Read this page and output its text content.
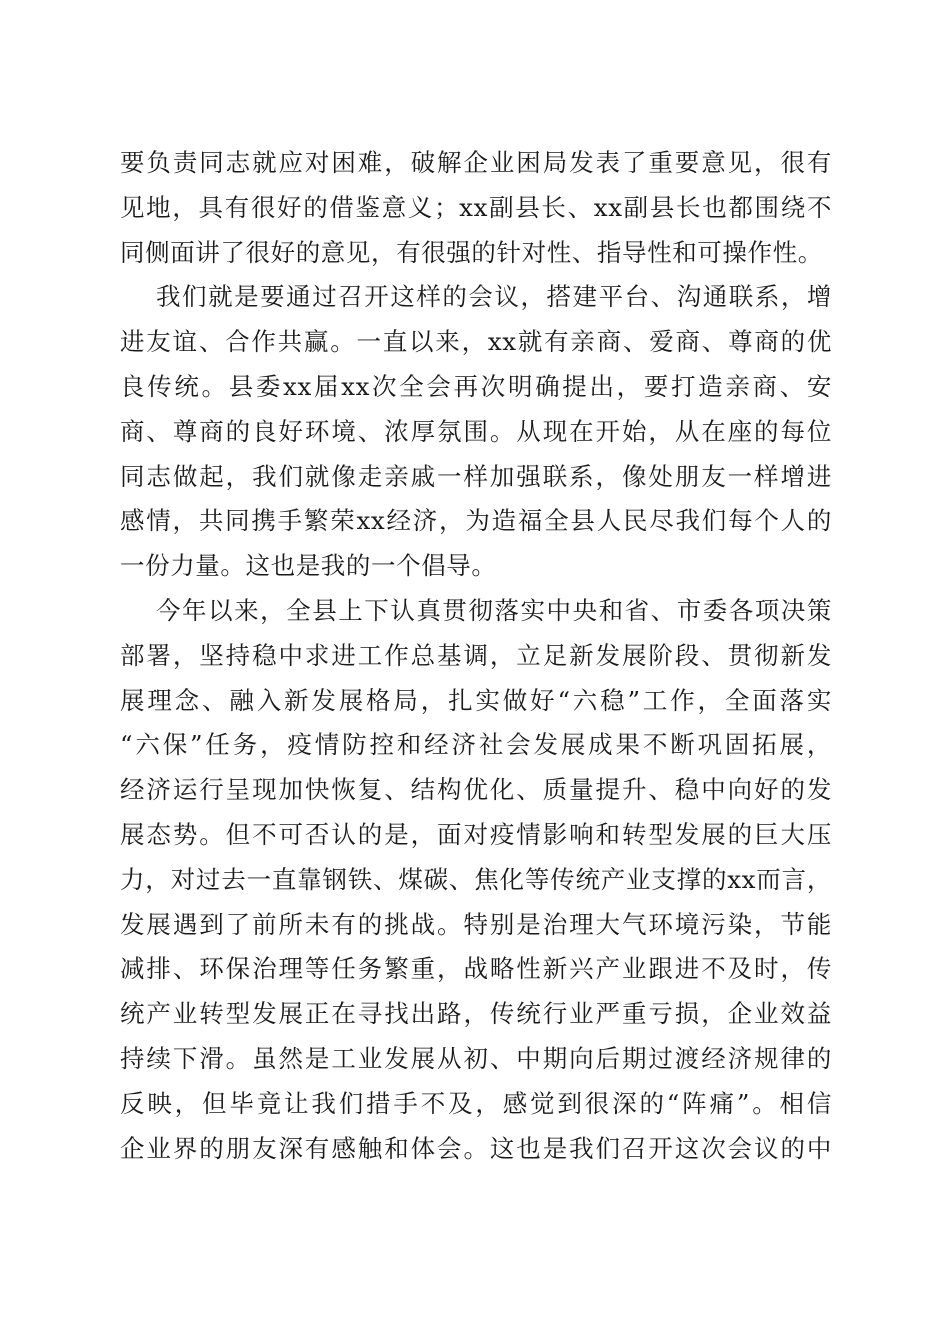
要负责同志就应对困难，破解企业困局发表了重要意见，很有
见地，具有很好的借鉴意义；xx副县长、xx副县长也都围绕不
同侧面讲了很好的意见，有很强的针对性、指导性和可操作性。
我们就是要通过召开这样的会议，搭建平台、沟通联系，增
进友谊、合作共赢。一直以来，xx就有亲商、爱商、尊商的优
良传统。县委xx届xx次全会再次明确提出，要打造亲商、安
商、尊商的良好环境、浓厚氛围。从现在开始，从在座的每位
同志做起，我们就像走亲戚一样加强联系，像处朋友一样增进
感情，共同携手繁荣xx经济，为造福全县人民尽我们每个人的
一份力量。这也是我的一个倡导。
今年以来，全县上下认真贯彻落实中央和省、市委各项决策
部署，坚持稳中求进工作总基调，立足新发展阶段、贯彻新发
展理念、融入新发展格局，扎实做好“六稳”工作，全面落实
“六保”任务，疫情防控和经济社会发展成果不断巩固拓展，
经济运行呈现加快恢复、结构优化、质量提升、稳中向好的发
展态势。但不可否认的是，面对疫情影响和转型发展的巨大压
力，对过去一直靠钢铁、煤碳、焦化等传统产业支撑的xx而言，
发展遇到了前所未有的挑战。特别是治理大气环境污染，节能
减排、环保治理等任务繁重，战略性新兴产业跟进不及时，传
统产业转型发展正在寻找出路，传统行业严重亏损，企业效益
持续下滑。虽然是工业发展从初、中期向后期过渡经济规律的
反映，但毕竟让我们措手不及，感觉到很深的“阵痛”。相信
企业界的朋友深有感触和体会。这也是我们召开这次会议的中
